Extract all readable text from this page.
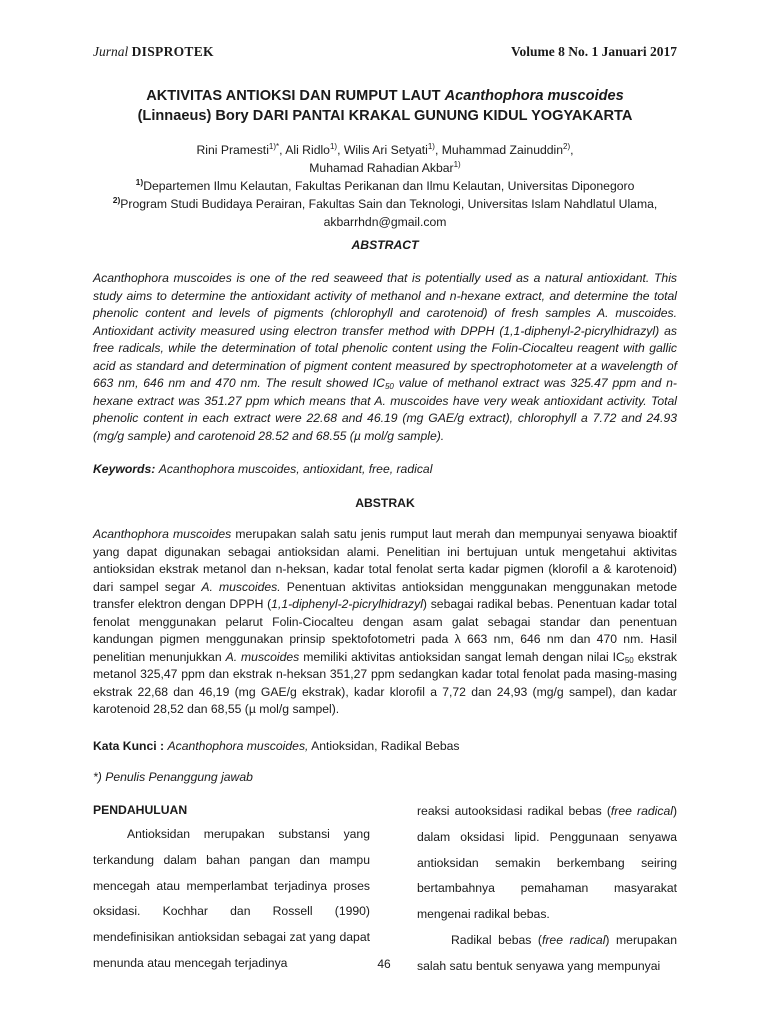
Jurnal DISPROTEK	Volume 8 No. 1 Januari 2017
AKTIVITAS ANTIOKSI DAN RUMPUT LAUT Acanthophora muscoides
(Linnaeus) Bory DARI PANTAI KRAKAL GUNUNG KIDUL YOGYAKARTA
Rini Pramesti$^{1)*}$, Ali Ridlo$^{1)}$, Wilis Ari Setyati$^{1)}$, Muhammad Zainuddin$^{2)}$,
Muhamad Rahadian Akbar$^{1)}$
$^{1)}$Departemen Ilmu Kelautan, Fakultas Perikanan dan Ilmu Kelautan, Universitas Diponegoro
$^{2)}$Program Studi Budidaya Perairan, Fakultas Sain dan Teknologi, Universitas Islam Nahdlatul Ulama,
akbarrhdn@gmail.com
ABSTRACT

Acanthophora muscoides is one of the red seaweed that is potentially used as a natural antioxidant. This study aims to determine the antioxidant activity of methanol and n-hexane extract, and determine the total phenolic content and levels of pigments (chlorophyll and carotenoid) of fresh samples A. muscoides. Antioxidant activity measured using electron transfer method with DPPH (1,1-diphenyl-2-picrylhidrazyl) as free radicals, while the determination of total phenolic content using the Folin-Ciocalteu reagent with gallic acid as standard and determination of pigment content measured by spectrophotometer at a wavelength of 663 nm, 646 nm and 470 nm. The result showed $IC_{50}$ value of methanol extract was 325.47 ppm and n-hexane extract was 351.27 ppm which means that A. muscoides have very weak antioxidant activity. Total phenolic content in each extract were 22.68 and 46.19 (mg GAE/g extract), chlorophyll a 7.72 and 24.93 (mg/g sample) and carotenoid 28.52 and 68.55 (µ mol/g sample).

Keywords: Acanthophora muscoides, antioxidant, free, radical
ABSTRAK

Acanthophora muscoides merupakan salah satu jenis rumput laut merah dan mempunyai senyawa bioaktif yang dapat digunakan sebagai antioksidan alami. Penelitian ini bertujuan untuk mengetahui aktivitas antioksidan ekstrak metanol dan n-heksan, kadar total fenolat serta kadar pigmen (klorofil a & karotenoid) dari sampel segar A. muscoides. Penentuan aktivitas antioksidan menggunakan menggunakan metode transfer elektron dengan DPPH (1,1-diphenyl-2-picrylhidrazyl) sebagai radikal bebas. Penentuan kadar total fenolat menggunakan pelarut Folin-Ciocalteu dengan asam galat sebagai standar dan penentuan kandungan pigmen menggunakan prinsip spektofotometri pada λ 663 nm, 646 nm dan 470 nm. Hasil penelitian menunjukkan A. muscoides memiliki aktivitas antioksidan sangat lemah dengan nilai $IC_{50}$ ekstrak metanol 325,47 ppm dan ekstrak n-heksan 351,27 ppm sedangkan kadar total fenolat pada masing-masing ekstrak 22,68 dan 46,19 (mg GAE/g ekstrak), kadar klorofil a 7,72 dan 24,93 (mg/g sampel), dan kadar karotenoid 28,52 dan 68,55 (µ mol/g sampel).

Kata Kunci : Acanthophora muscoides, Antioksidan, Radikal Bebas
*) Penulis Penanggung jawab
PENDAHULUAN

Antioksidan merupakan substansi yang terkandung dalam bahan pangan dan mampu mencegah atau memperlambat terjadinya proses oksidasi. Kochhar dan Rossell (1990) mendefinisikan antioksidan sebagai zat yang dapat menunda atau mencegah terjadinya

reaksi autooksidasi radikal bebas (free radical) dalam oksidasi lipid. Penggunaan senyawa antioksidan semakin berkembang seiring bertambahnya pemahaman masyarakat mengenai radikal bebas.

Radikal bebas (free radical) merupakan salah satu bentuk senyawa yang mempunyai

46
